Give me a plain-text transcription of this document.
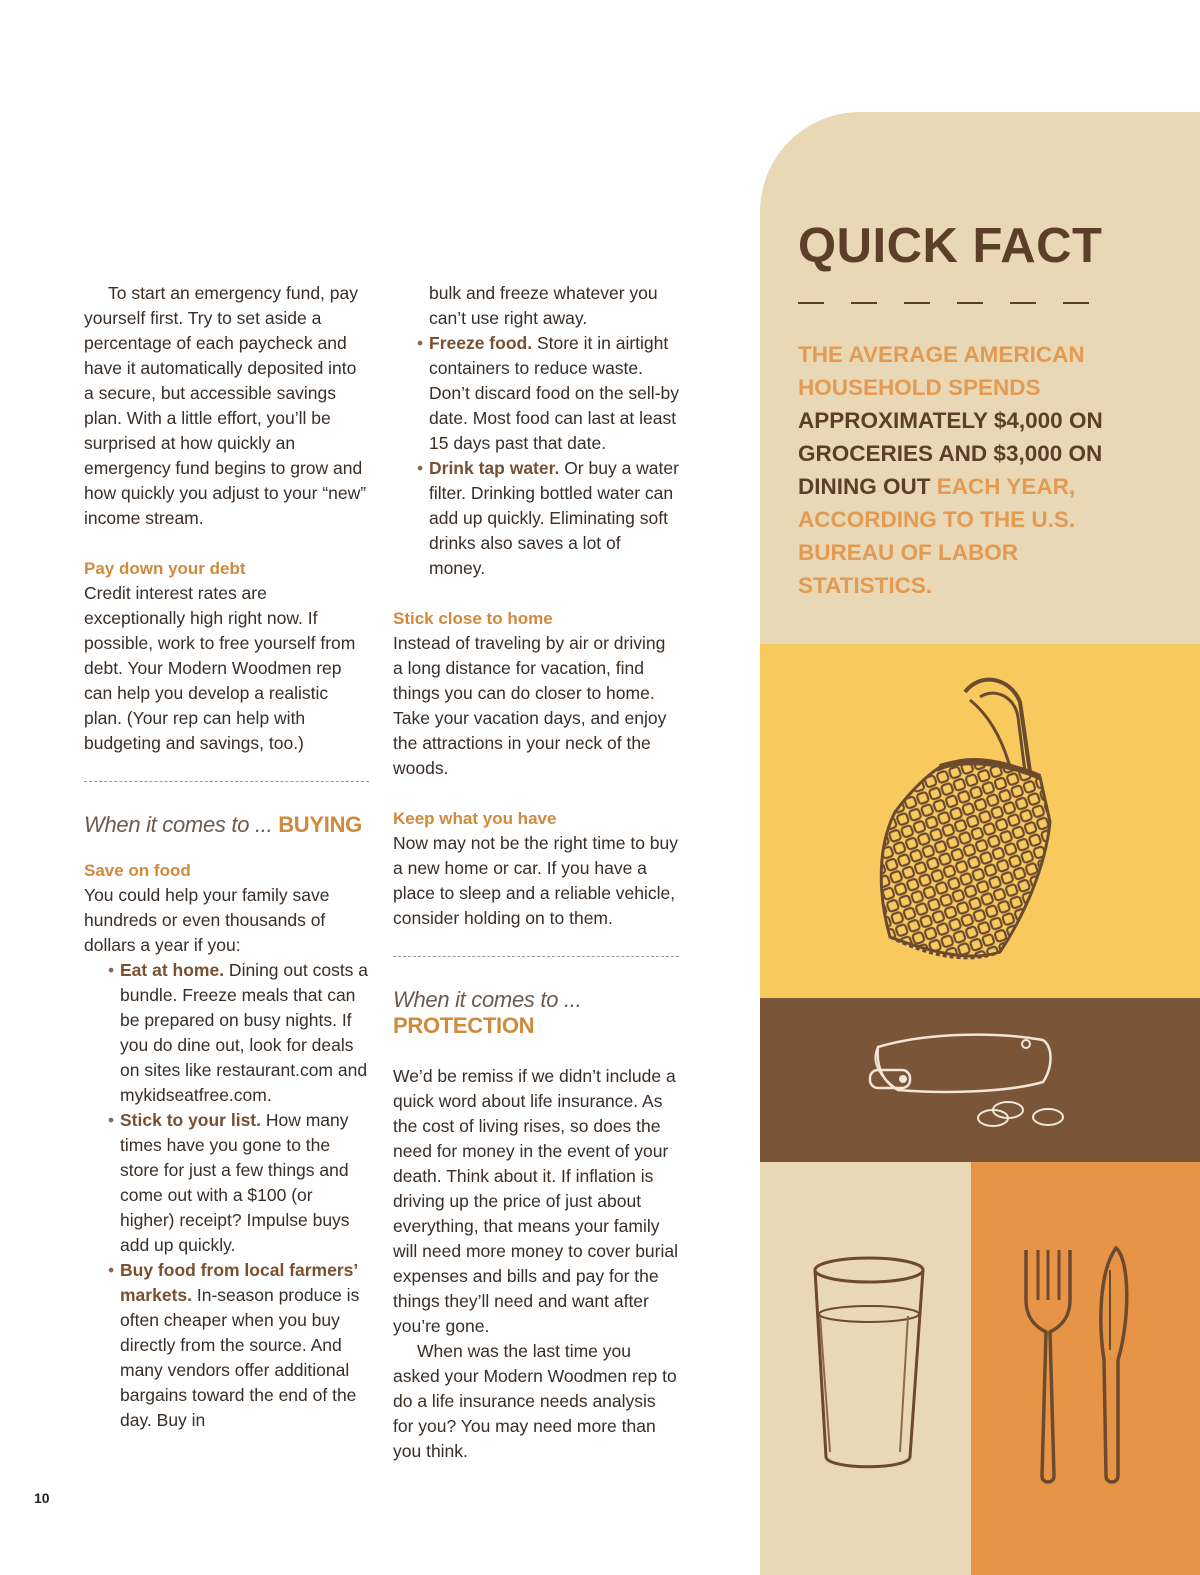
To start an emergency fund, pay yourself first. Try to set aside a percentage of each paycheck and have it automatically deposited into a secure, but accessible savings plan. With a little effort, you’ll be surprised at how quickly an emergency fund begins to grow and how quickly you adjust to your “new” income stream.

Pay down your debt

Credit interest rates are exceptionally high right now. If possible, work to free yourself from debt. Your Modern Woodmen rep can help you develop a realistic plan. (Your rep can help with budgeting and savings, too.)

When it comes to ... BUYING
Save on food

You could help your family save hundreds or even thousands of dollars a year if you:

• Eat at home. Dining out costs a bundle. Freeze meals that can be prepared on busy nights. If you do dine out, look for deals on sites like restaurant.com and mykidseatfree.com.
• Stick to your list. How many times have you gone to the store for just a few things and come out with a $100 (or higher) receipt? Impulse buys add up quickly.
• Buy food from local farmers’ markets. In-season produce is often cheaper when you buy directly from the source. And many vendors offer additional bargains toward the end of the day. Buy in

bulk and freeze whatever you can’t use right away.

• Freeze food. Store it in airtight containers to reduce waste. Don’t discard food on the sell-by date. Most food can last at least 15 days past that date.
• Drink tap water. Or buy a water filter. Drinking bottled water can add up quickly. Eliminating soft drinks also saves a lot of money.
Stick close to home

Instead of traveling by air or driving a long distance for vacation, find things you can do closer to home. Take your vacation days, and enjoy the attractions in your neck of the woods.

Keep what you have

Now may not be the right time to buy a new home or car. If you have a place to sleep and a reliable vehicle, consider holding on to them.

When it comes to ...
PROTECTION

We’d be remiss if we didn’t include a quick word about life insurance. As the cost of living rises, so does the need for money in the event of your death. Think about it. If inflation is driving up the price of just about everything, that means your family will need more money to cover burial expenses and bills and pay for the things they’ll need and want after you’re gone.

When was the last time you asked your Modern Woodmen rep to do a life insurance needs analysis for you? You may need more than you think.

QUICK FACT
THE AVERAGE AMERICAN HOUSEHOLD SPENDS APPROXIMATELY $4,000 ON GROCERIES AND $3,000 ON DINING OUT EACH YEAR, ACCORDING TO THE U.S. BUREAU OF LABOR STATISTICS.
10
